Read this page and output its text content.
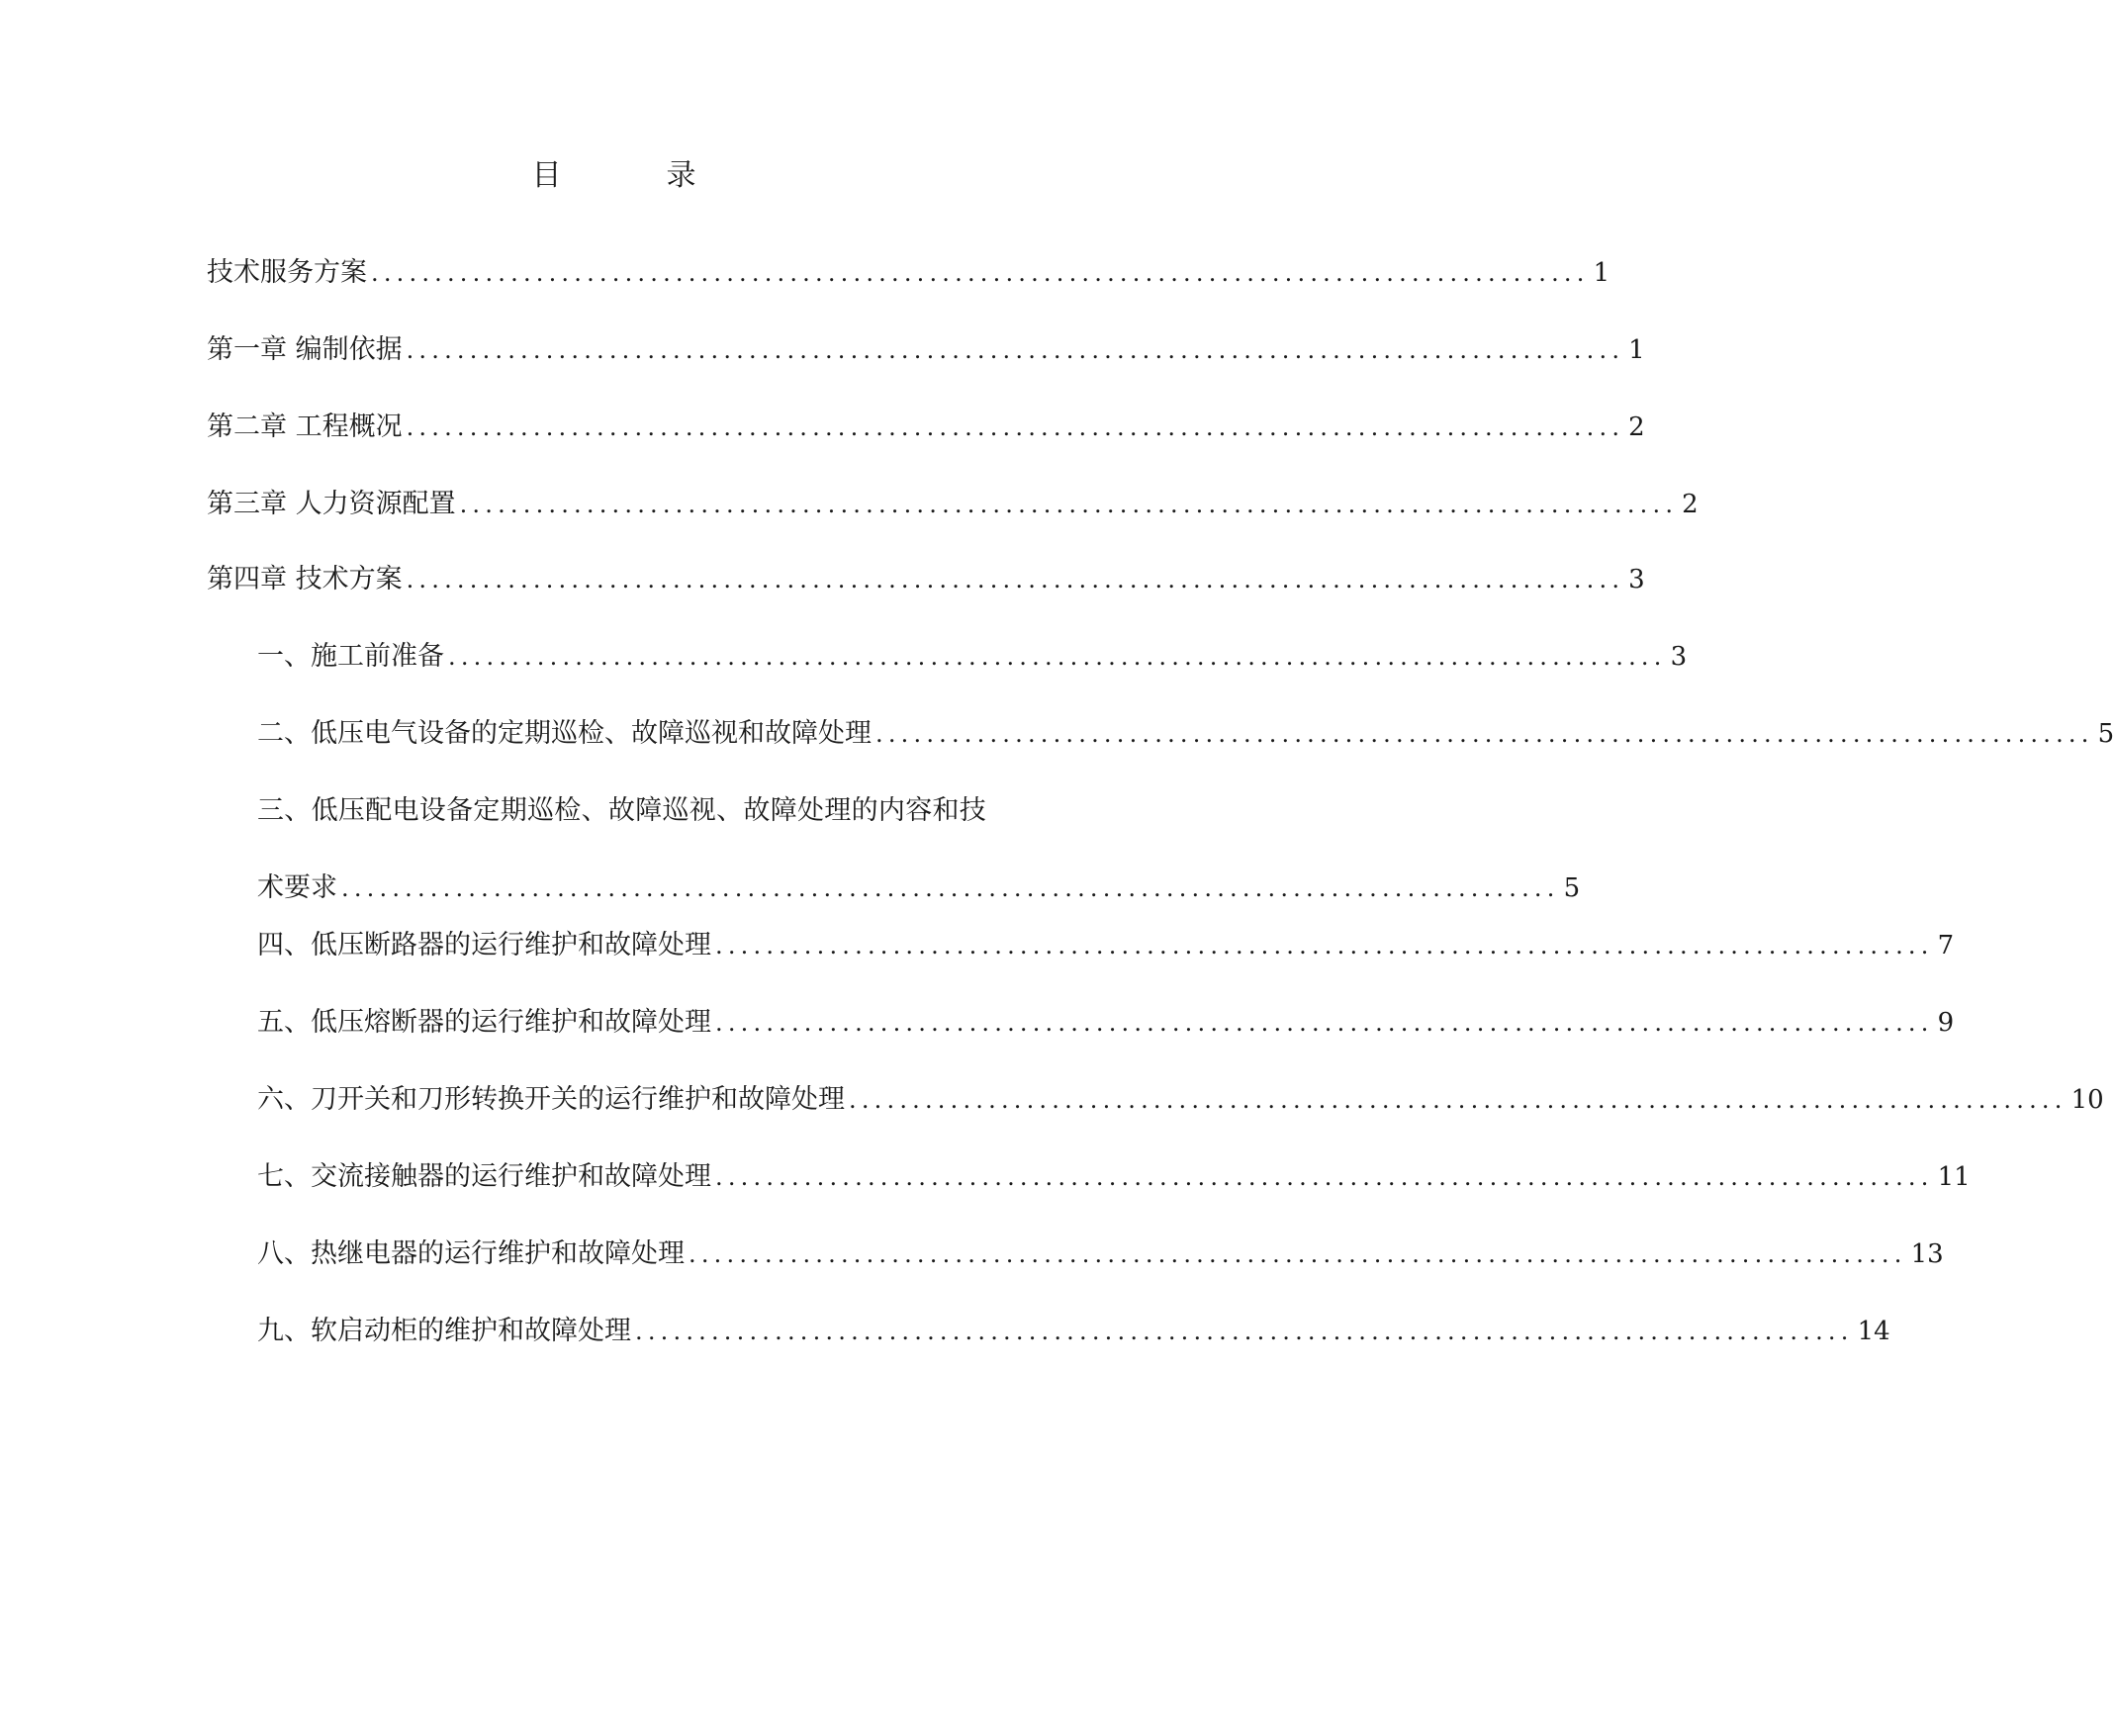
目　录
技术服务方案 ................................................................................................ 1
第一章 编制依据 ................................................................................................ 1
第二章 工程概况 ................................................................................................ 2
第三章 人力资源配置 ................................................................................................ 2
第四章 技术方案 ................................................................................................ 3
一、施工前准备 ................................................................................................ 3
二、低压电气设备的定期巡检、故障巡视和故障处理 ................................................................................................ 5
三、低压配电设备定期巡检、故障巡视、故障处理的内容和技
术要求 ................................................................................................ 5
四、低压断路器的运行维护和故障处理 ................................................................................................ 7
五、低压熔断器的运行维护和故障处理 ................................................................................................ 9
六、刀开关和刀形转换开关的运行维护和故障处理 ................................................................................................ 10
七、交流接触器的运行维护和故障处理 ................................................................................................ 11
八、热继电器的运行维护和故障处理 ................................................................................................ 13
九、软启动柜的维护和故障处理 ................................................................................................ 14
